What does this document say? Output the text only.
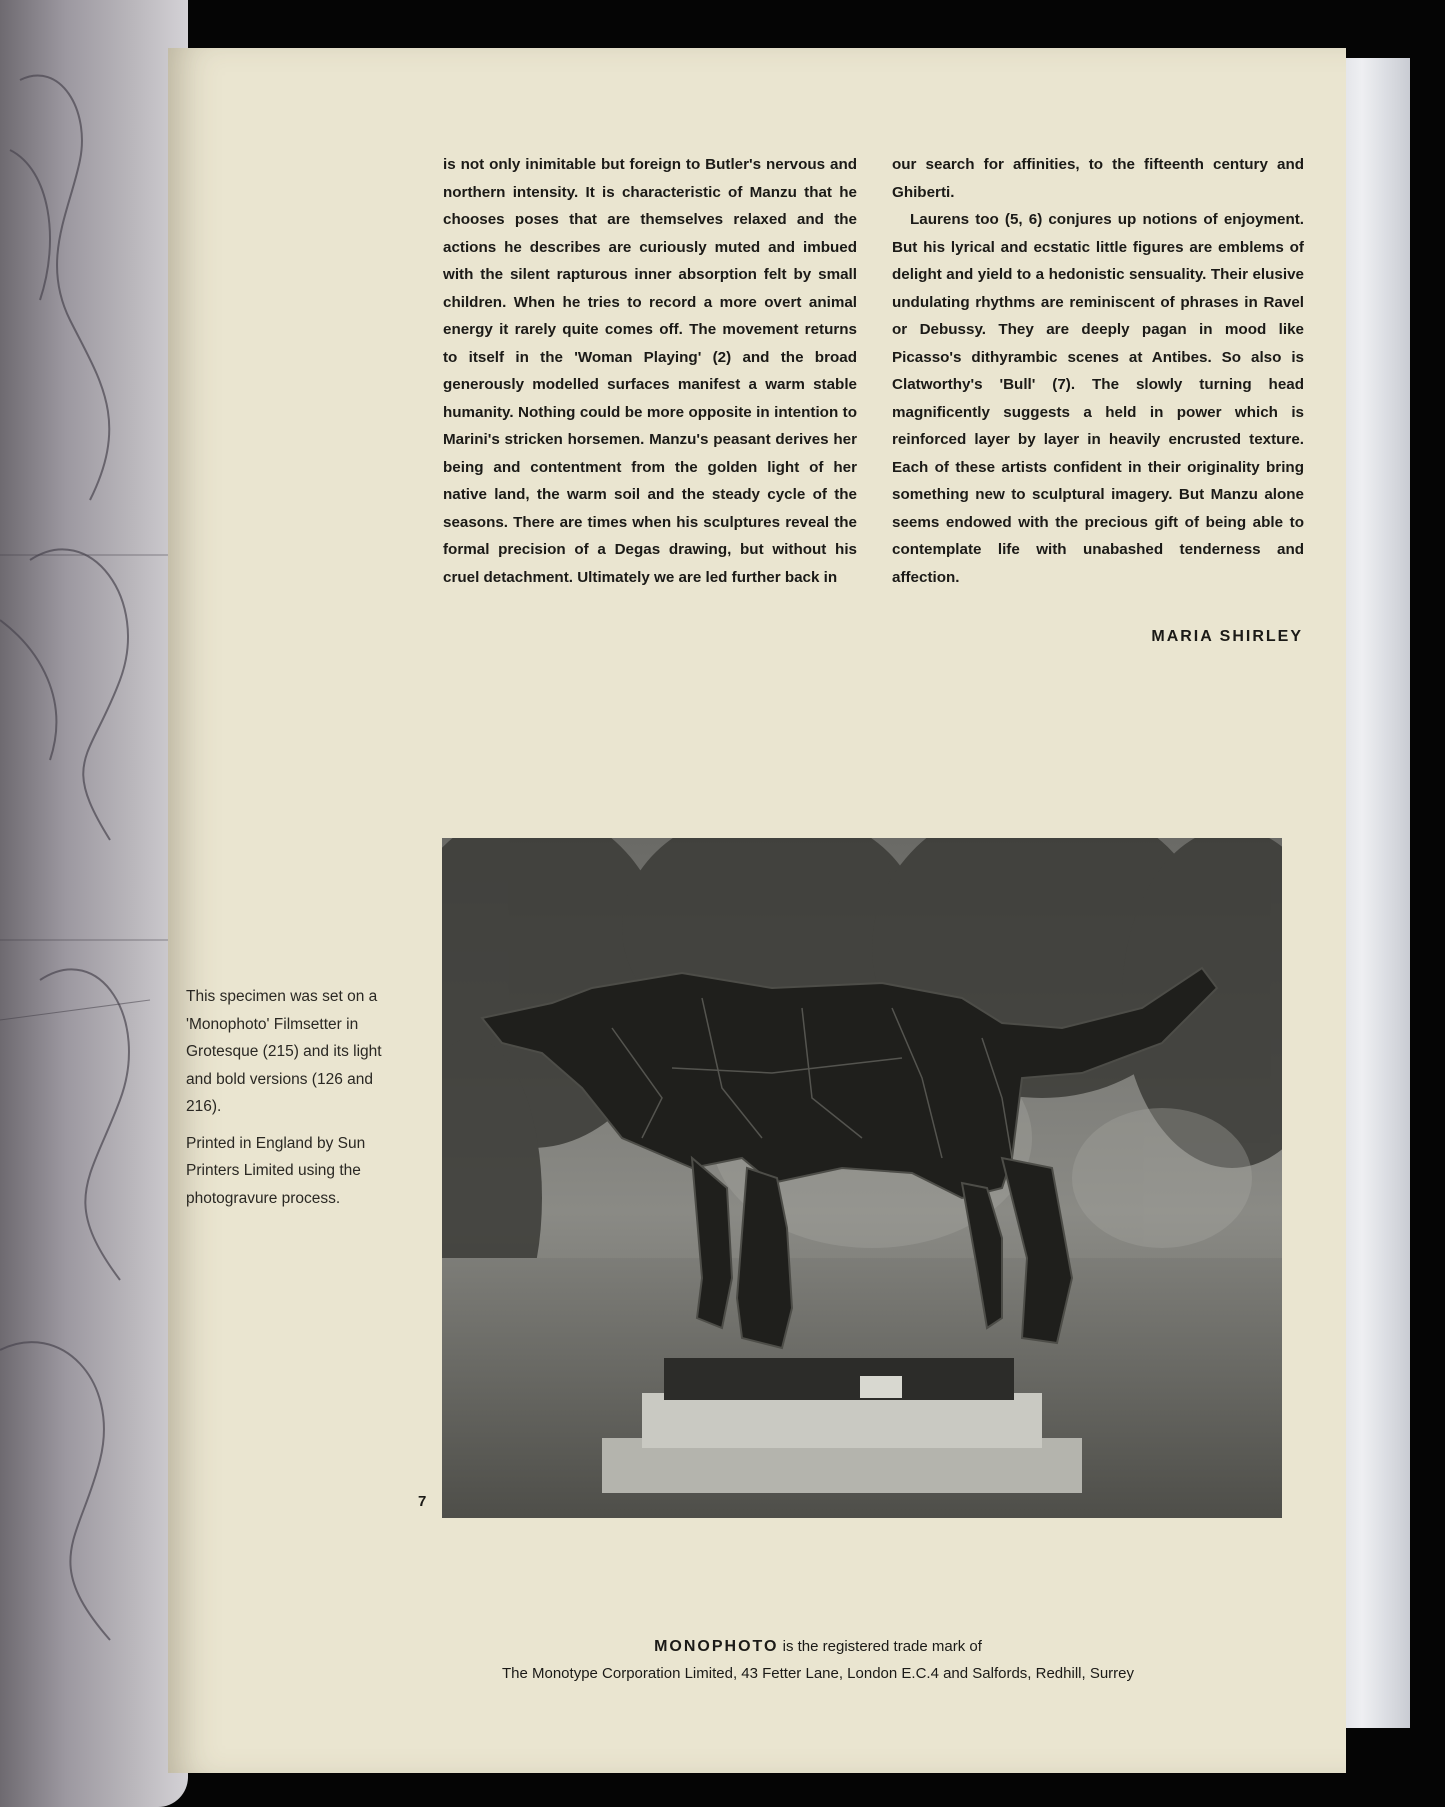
is not only inimitable but foreign to Butler's nervous and northern intensity. It is characteristic of Manzu that he chooses poses that are themselves relaxed and the actions he describes are curiously muted and imbued with the silent rapturous inner absorption felt by small children. When he tries to record a more overt animal energy it rarely quite comes off. The movement returns to itself in the 'Woman Playing' (2) and the broad generously modelled surfaces manifest a warm stable humanity. Nothing could be more opposite in intention to Marini's stricken horsemen. Manzu's peasant derives her being and contentment from the golden light of her native land, the warm soil and the steady cycle of the seasons. There are times when his sculptures reveal the formal precision of a Degas drawing, but without his cruel detachment. Ultimately we are led further back in

our search for affinities, to the fifteenth century and Ghiberti.

Laurens too (5, 6) conjures up notions of enjoyment. But his lyrical and ecstatic little figures are emblems of delight and yield to a hedonistic sensuality. Their elusive undulating rhythms are reminiscent of phrases in Ravel or Debussy. They are deeply pagan in mood like Picasso's dithyrambic scenes at Antibes. So also is Clatworthy's 'Bull' (7). The slowly turning head magnificently suggests a held in power which is reinforced layer by layer in heavily encrusted texture. Each of these artists confident in their originality bring something new to sculptural imagery. But Manzu alone seems endowed with the precious gift of being able to contemplate life with unabashed tenderness and affection.

MARIA SHIRLEY
7

This specimen was set on a 'Monophoto' Filmsetter in Grotesque (215) and its light and bold versions (126 and 216).

Printed in England by Sun Printers Limited using the photogravure process.

MONOPHOTO is the registered trade mark of
The Monotype Corporation Limited, 43 Fetter Lane, London E.C.4 and Salfords, Redhill, Surrey
